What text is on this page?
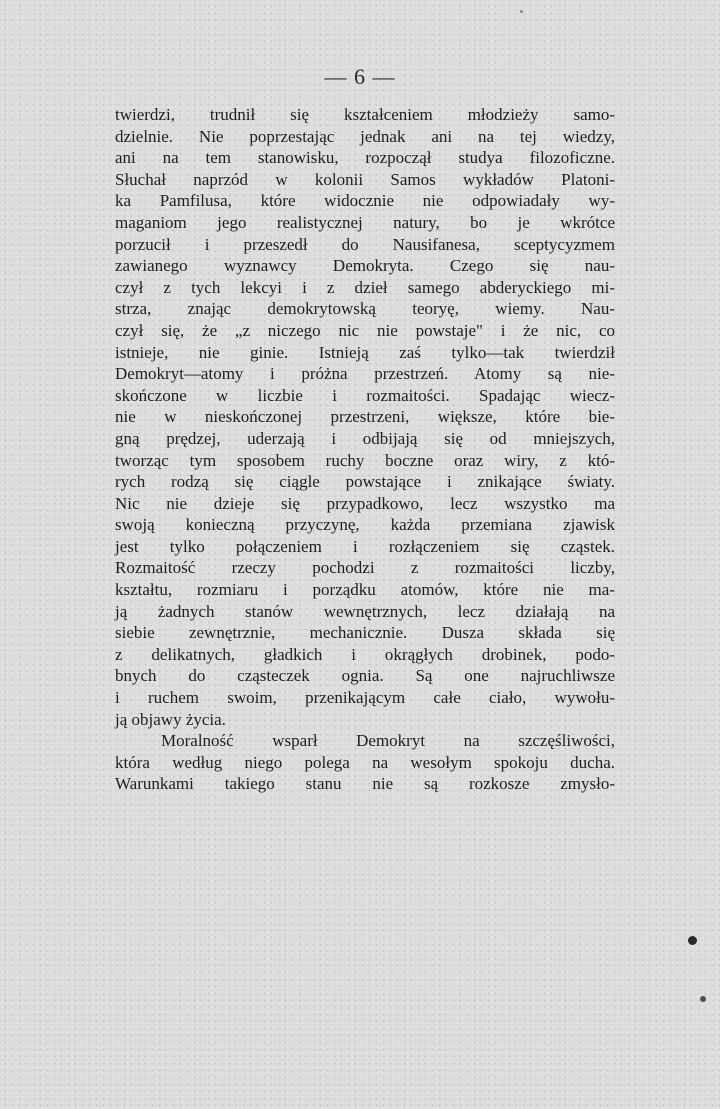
— 6 —
twierdzi, trudnił się kształceniem młodzieży samo-
dzielnie. Nie poprzestając jednak ani na tej wiedzy,
ani na tem stanowisku, rozpoczął studya filozoficzne.
Słuchał naprzód w kolonii Samos wykładów Platoni-
ka Pamfilusa, które widocznie nie odpowiadały wy-
maganiom jego realistycznej natury, bo je wkrótce
porzucił i przeszedł do Nausifanesa, sceptycyzmem
zawianego wyznawcy Demokryta. Czego się nau-
czył z tych lekcyi i z dzieł samego abderyckiego mi-
strza, znając demokrytowską teoryę, wiemy. Nau-
czył się, że „z niczego nic nie powstaje" i że nic, co
istnieje, nie ginie. Istnieją zaś tylko—tak twierdził
Demokryt—atomy i próżna przestrzeń. Atomy są nie-
skończone w liczbie i rozmaitości. Spadając wiecz-
nie w nieskończonej przestrzeni, większe, które bie-
gną prędzej, uderzają i odbijają się od mniejszych,
tworząc tym sposobem ruchy boczne oraz wiry, z któ-
rych rodzą się ciągle powstające i znikające światy.
Nic nie dzieje się przypadkowo, lecz wszystko ma
swoją konieczną przyczynę, każda przemiana zjawisk
jest tylko połączeniem i rozłączeniem się cząstek.
Rozmaitość rzeczy pochodzi z rozmaitości liczby,
kształtu, rozmiaru i porządku atomów, które nie ma-
ją żadnych stanów wewnętrznych, lecz działają na
siebie zewnętrznie, mechanicznie. Dusza składa się
z delikatnych, gładkich i okrągłych drobinek, podo-
bnych do cząsteczek ognia. Są one najruchliwsze
i ruchem swoim, przenikającym całe ciało, wywołu-
ją objawy życia.
Moralność wsparł Demokryt na szczęśliwości,
która według niego polega na wesołym spokoju ducha.
Warunkami takiego stanu nie są rozkosze zmysło-
